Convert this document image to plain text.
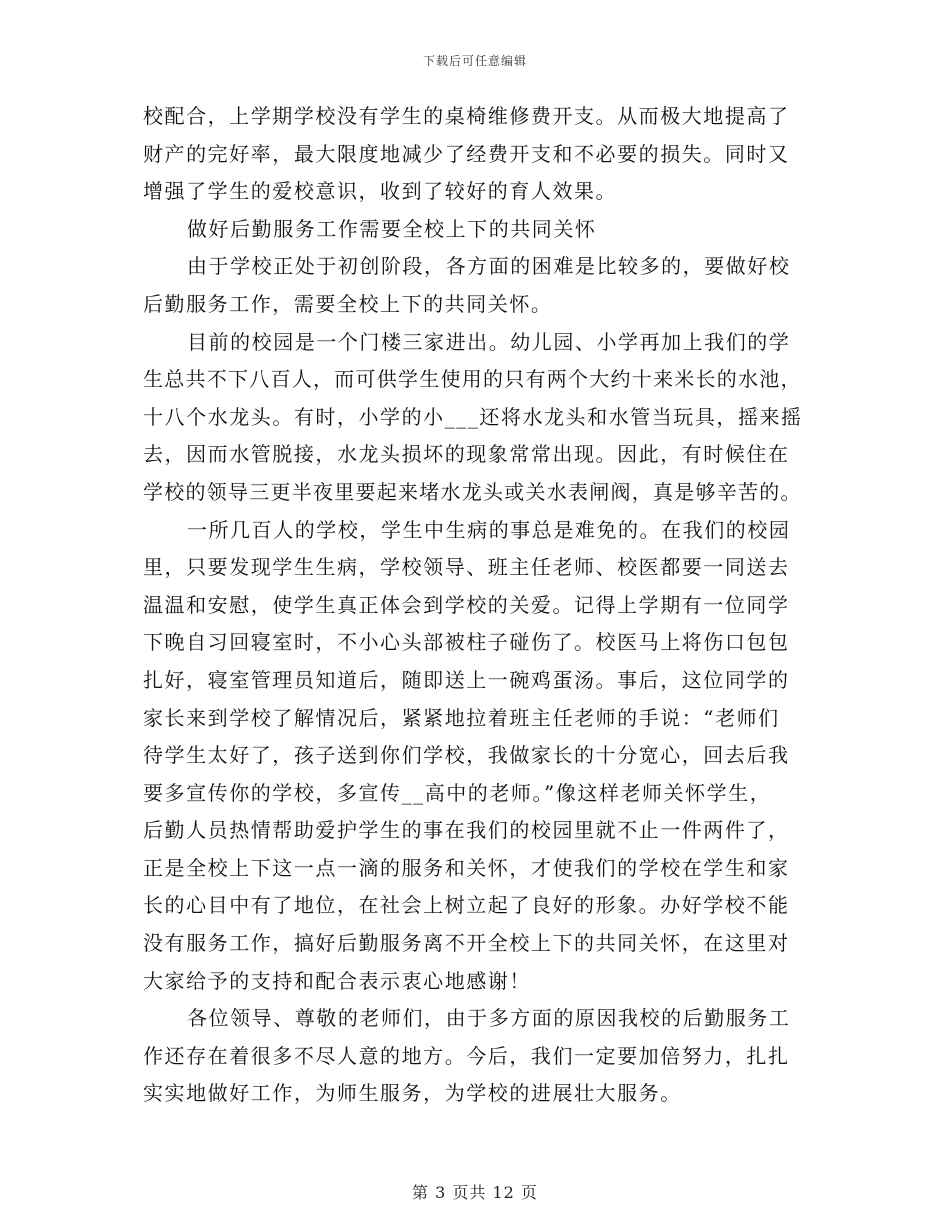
下载后可任意编辑
校配合，上学期学校没有学生的桌椅维修费开支。从而极大地提高了
财产的完好率，最大限度地减少了经费开支和不必要的损失。同时又
增强了学生的爱校意识，收到了较好的育人效果。
做好后勤服务工作需要全校上下的共同关怀
由于学校正处于初创阶段，各方面的困难是比较多的，要做好校
后勤服务工作，需要全校上下的共同关怀。
目前的校园是一个门楼三家进出。幼儿园、小学再加上我们的学
生总共不下八百人，而可供学生使用的只有两个大约十来米长的水池，
十八个水龙头。有时，小学的小___还将水龙头和水管当玩具，摇来摇
去，因而水管脱接，水龙头损坏的现象常常出现。因此，有时候住在
学校的领导三更半夜里要起来堵水龙头或关水表闸阀，真是够辛苦的。
一所几百人的学校，学生中生病的事总是难免的。在我们的校园
里，只要发现学生生病，学校领导、班主任老师、校医都要一同送去
温温和安慰，使学生真正体会到学校的关爱。记得上学期有一位同学
下晚自习回寝室时，不小心头部被柱子碰伤了。校医马上将伤口包包
扎好，寝室管理员知道后，随即送上一碗鸡蛋汤。事后，这位同学的
家长来到学校了解情况后，紧紧地拉着班主任老师的手说：“老师们
待学生太好了，孩子送到你们学校，我做家长的十分宽心，回去后我
要多宣传你的学校，多宣传__高中的老师。”像这样老师关怀学生，
后勤人员热情帮助爱护学生的事在我们的校园里就不止一件两件了，
正是全校上下这一点一滴的服务和关怀，才使我们的学校在学生和家
长的心目中有了地位，在社会上树立起了良好的形象。办好学校不能
没有服务工作，搞好后勤服务离不开全校上下的共同关怀，在这里对
大家给予的支持和配合表示衷心地感谢！
各位领导、尊敬的老师们，由于多方面的原因我校的后勤服务工
作还存在着很多不尽人意的地方。今后，我们一定要加倍努力，扎扎
实实地做好工作，为师生服务，为学校的进展壮大服务。
第 3 页共 12 页
